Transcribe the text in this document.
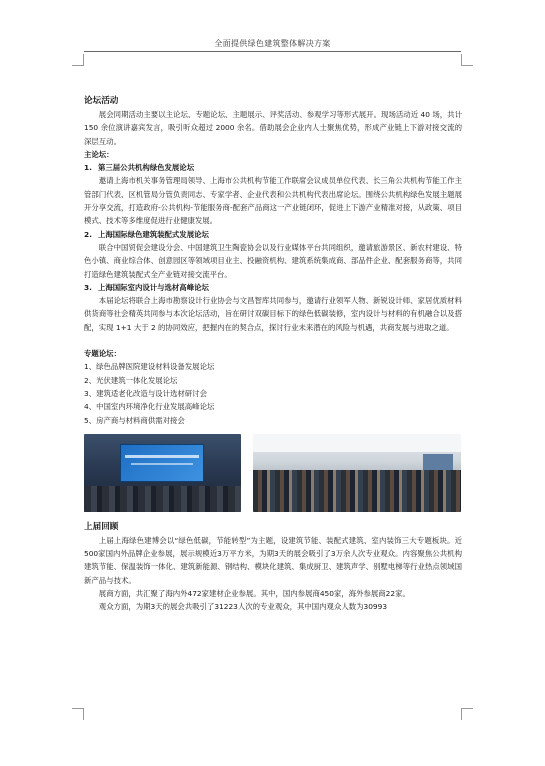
全面提供绿色建筑整体解决方案
论坛活动
展会同期活动主要以主论坛、专题论坛、主题展示、评奖活动、参观学习等形式展开。现场活动近 40 场，共计 150 余位演讲嘉宾发言，吸引听众超过 2000 余名。借助展会企业内人士聚焦优势，形成产业链上下游对接交流的深层互动。
主论坛：
1. 第三届公共机构绿色发展论坛
邀请上海市机关事务管理局领导、上海市公共机构节能工作联席会议成员单位代表、长三角公共机构节能工作主管部门代表、区机管局分管负责同志、专家学者、企业代表和公共机构代表出席论坛。围绕公共机构绿色发展主题展开分享交流，打造政府-公共机构-节能服务商-配套产品商这一产业链闭环，促进上下游产业精准对接，从政策、项目模式、技术等多维度促进行业健康发展。
2. 上海国际绿色建筑装配式发展论坛
联合中国贸促会建设分会、中国建筑卫生陶瓷协会以及行业媒体平台共同组织，邀请旅游景区、新农村建设、特色小镇、商业综合体、创意园区等领域项目业主、投融资机构、建筑系统集成商、部品件企业、配套服务商等，共同打造绿色建筑装配式全产业链对接交流平台。
3. 上海国际室内设计与选材高峰论坛
本届论坛将联合上海市勘察设计行业协会与文昌智库共同参与，邀请行业领军人物、新锐设计师、家居优质材料供货商等社会精英共同参与本次论坛活动，旨在研讨双碳目标下的绿色低碳装修，室内设计与材料的有机融合以及搭配，实现 1+1 大于 2 的协同效应，把握内在的契合点，探讨行业未来潜在的风险与机遇，共商发展与进取之道。
专题论坛：
1、绿色品牌医院建设材料设备发展论坛
2、光伏建筑一体化发展论坛
3、建筑适老化改造与设计选材研讨会
4、中国室内环境净化行业发展高峰论坛
5、房产商与材料商供需对接会
上届回顾
上届上海绿色建博会以“绿色低碳，节能转型”为主题，设建筑节能、装配式建筑、室内装饰三大专题板块。近500家国内外品牌企业参展，展示规模近3万平方米，为期3天的展会吸引了3万余人次专业观众。内容聚焦公共机构建筑节能、保温装饰一体化、建筑新能源、钢结构、模块化建筑、集成厨卫、建筑声学、别墅电梯等行业热点领域国新产品与技术。
展商方面，共汇聚了海内外472家建材企业参展。其中，国内参展商450家，海外参展商22家。
观众方面，为期3天的展会共吸引了31223人次的专业观众，其中国内观众人数为30993
